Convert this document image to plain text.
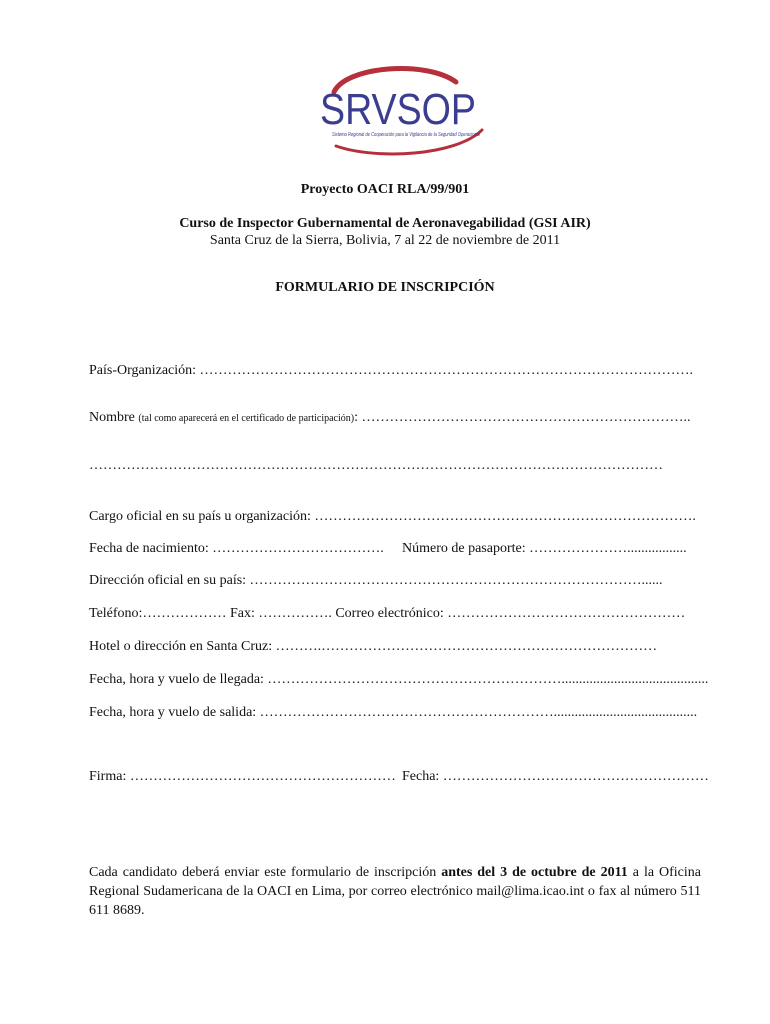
SRVSOP
Sistema Regional de Cooperación para la Vigilancia de la Seguridad Operacional
Proyecto OACI RLA/99/901
Curso de Inspector Gubernamental de Aeronavegabilidad (GSI AIR)
Santa Cruz de la Sierra, Bolivia, 7 al 22 de noviembre de 2011
FORMULARIO DE INSCRIPCIÓN
País-Organización: …………………………………………………………………………………………….
Nombre (tal como aparecerá en el certificado de participación): ……………………………………………………………..
……………………………………………………………………………………………………………
Cargo oficial en su país u organización: ……………………………………………………………………….
Fecha de nacimiento: ………………………………. Número de pasaporte: ………………….................
Dirección oficial en su país: …………………………………………………………………………......
Teléfono:……………… Fax: ……………. Correo electrónico: ……………………………………………
Hotel o dirección en Santa Cruz: ……….………………………………………………………………
Fecha, hora y vuelo de llegada: ………………………………………………………..........................................
Fecha, hora y vuelo de salida: ……………………………………………………….........................................
Firma: ………………………………………………… Fecha: …………………………………………………
Cada candidato deberá enviar este formulario de inscripción antes del 3 de octubre de 2011 a la Oficina Regional Sudamericana de la OACI en Lima, por correo electrónico mail@lima.icao.int o fax al número 511 611 8689.
